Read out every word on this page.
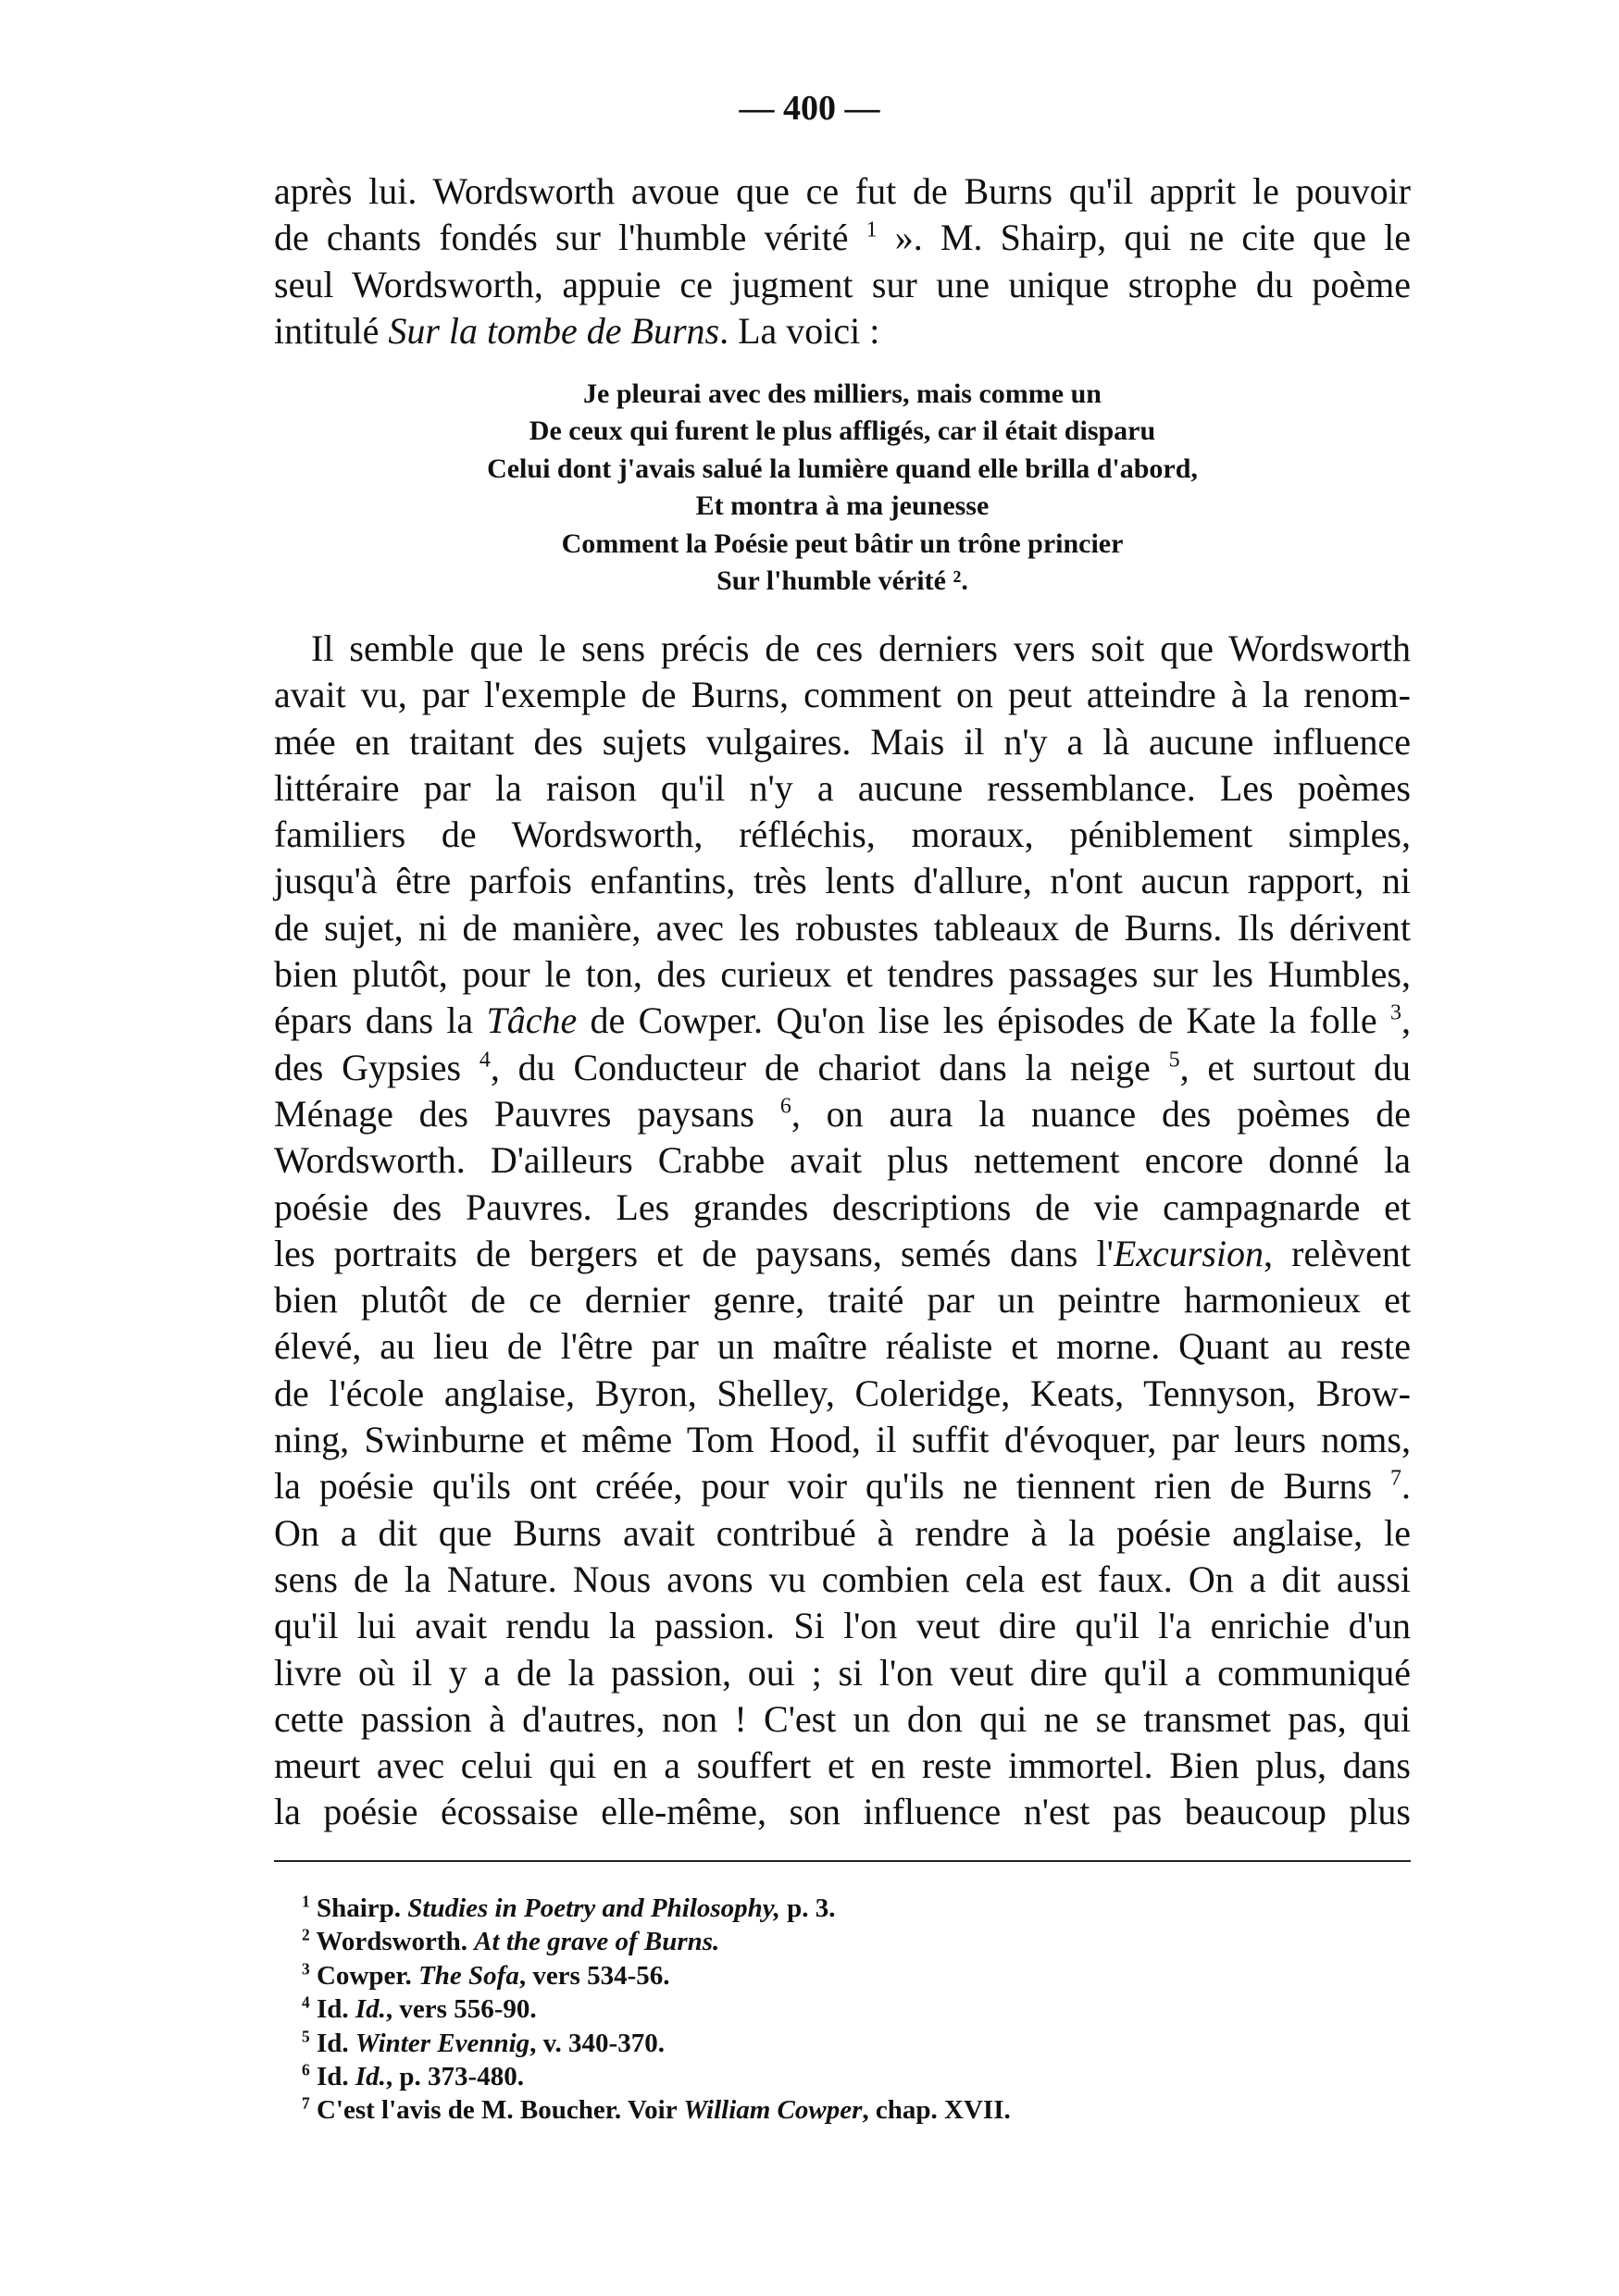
— 400 —
après lui. Wordsworth avoue que ce fut de Burns qu'il apprit le pouvoir
de chants fondés sur l'humble vérité $^1$ ». M. Shairp, qui ne cite que le
seul Wordsworth, appuie ce jugment sur une unique strophe du poème
intitulé Sur la tombe de Burns. La voici :
Je pleurai avec des milliers, mais comme un
De ceux qui furent le plus affligés, car il était disparu
Celui dont j'avais salué la lumière quand elle brilla d'abord,
Et montra à ma jeunesse
Comment la Poésie peut bâtir un trône princier
Sur l'humble vérité ².
Il semble que le sens précis de ces derniers vers soit que Wordsworth
avait vu, par l'exemple de Burns, comment on peut atteindre à la renom-
mée en traitant des sujets vulgaires. Mais il n'y a là aucune influence
littéraire par la raison qu'il n'y a aucune ressemblance. Les poèmes
familiers de Wordsworth, réfléchis, moraux, péniblement simples,
jusqu'à être parfois enfantins, très lents d'allure, n'ont aucun rapport, ni
de sujet, ni de manière, avec les robustes tableaux de Burns. Ils dérivent
bien plutôt, pour le ton, des curieux et tendres passages sur les Humbles,
épars dans la Tâche de Cowper. Qu'on lise les épisodes de Kate la folle $^3$,
des Gypsies $^4$, du Conducteur de chariot dans la neige $^5$, et surtout du
Ménage des Pauvres paysans $^6$, on aura la nuance des poèmes de
Wordsworth. D'ailleurs Crabbe avait plus nettement encore donné la
poésie des Pauvres. Les grandes descriptions de vie campagnarde et
les portraits de bergers et de paysans, semés dans l'Excursion, relèvent
bien plutôt de ce dernier genre, traité par un peintre harmonieux et
élevé, au lieu de l'être par un maître réaliste et morne. Quant au reste
de l'école anglaise, Byron, Shelley, Coleridge, Keats, Tennyson, Brow-
ning, Swinburne et même Tom Hood, il suffit d'évoquer, par leurs noms,
la poésie qu'ils ont créée, pour voir qu'ils ne tiennent rien de Burns $^7$.
On a dit que Burns avait contribué à rendre à la poésie anglaise, le
sens de la Nature. Nous avons vu combien cela est faux. On a dit aussi
qu'il lui avait rendu la passion. Si l'on veut dire qu'il l'a enrichie d'un
livre où il y a de la passion, oui ; si l'on veut dire qu'il a communiqué
cette passion à d'autres, non ! C'est un don qui ne se transmet pas, qui
meurt avec celui qui en a souffert et en reste immortel. Bien plus, dans
la poésie écossaise elle-même, son influence n'est pas beaucoup plus
$^1$ Shairp. Studies in Poetry and Philosophy, p. 3.
$^2$ Wordsworth. At the grave of Burns.
$^3$ Cowper. The Sofa, vers 534-56.
$^4$ Id. Id., vers 556-90.
$^5$ Id. Winter Evennig, v. 340-370.
$^6$ Id. Id., p. 373-480.
$^7$ C'est l'avis de M. Boucher. Voir William Cowper, chap. XVII.
